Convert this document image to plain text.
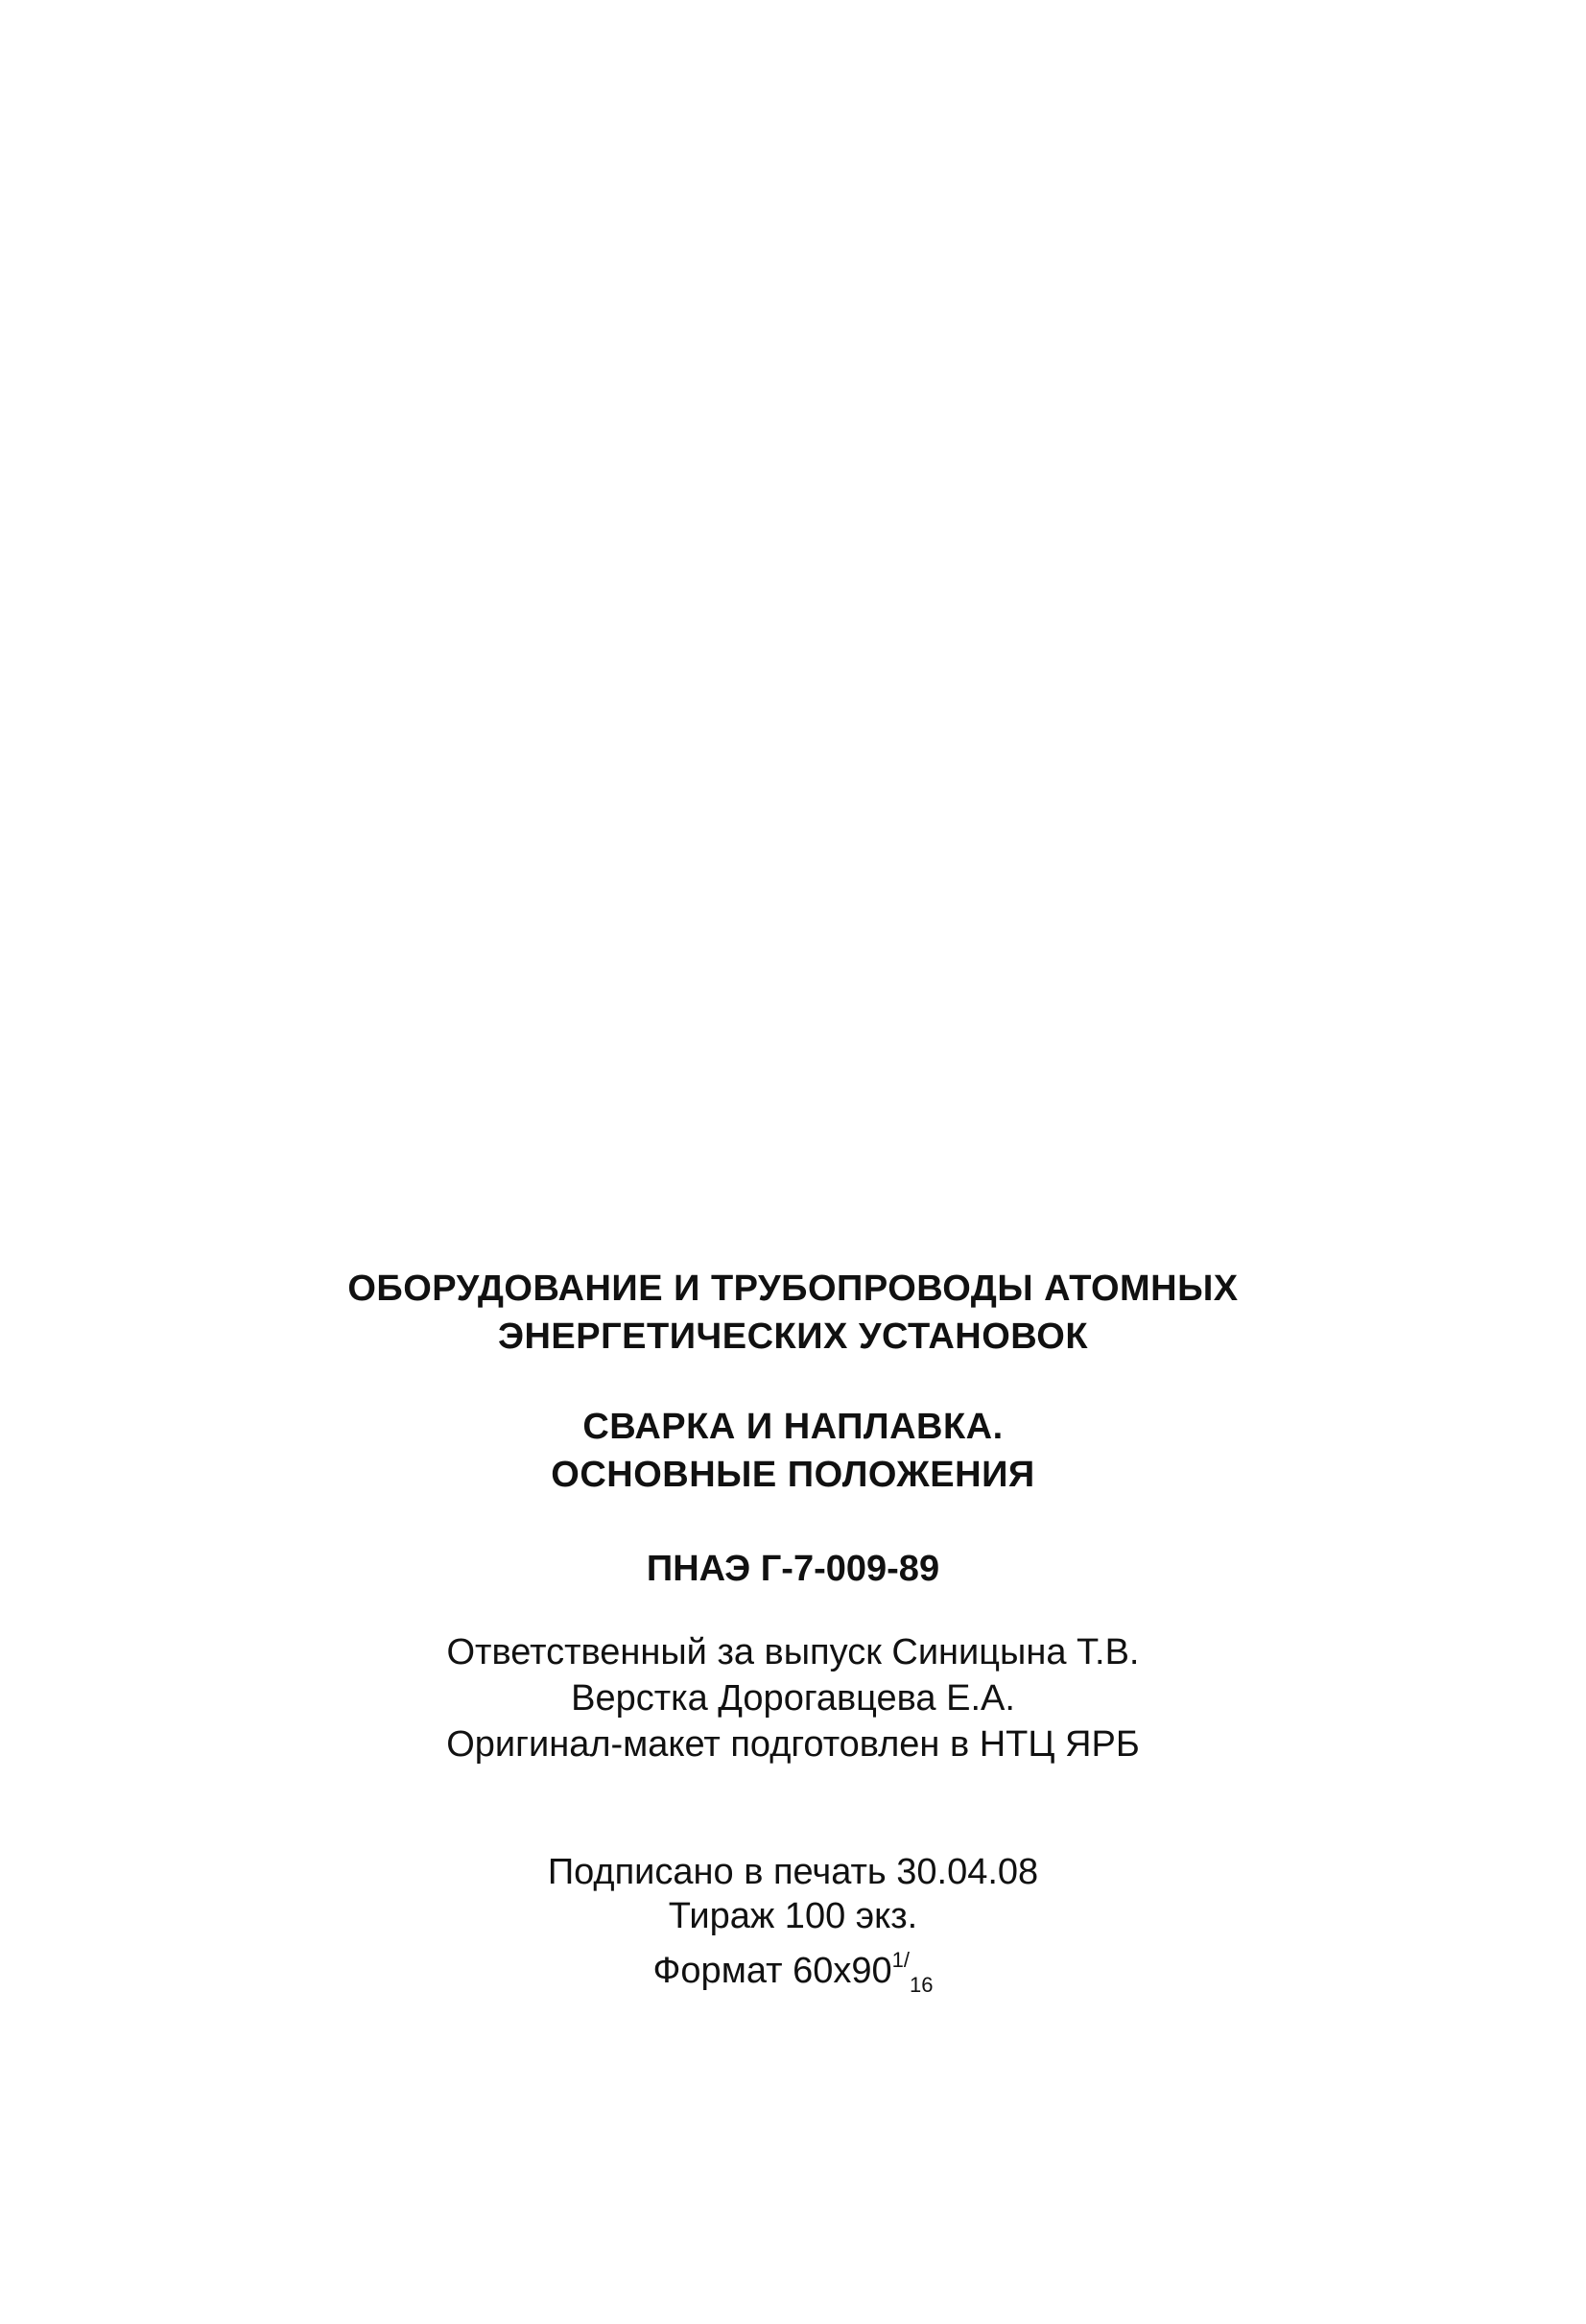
ОБОРУДОВАНИЕ И ТРУБОПРОВОДЫ АТОМНЫХ
ЭНЕРГЕТИЧЕСКИХ УСТАНОВОК
СВАРКА И НАПЛАВКА.
ОСНОВНЫЕ ПОЛОЖЕНИЯ
ПНАЭ Г-7-009-89
Ответственный за выпуск Синицына Т.В.
Верстка Дорогавцева Е.А.
Оригинал-макет подготовлен в НТЦ ЯРБ
Подписано в печать 30.04.08
Тираж 100 экз.
Формат $60х90^{1/}_{16}$
